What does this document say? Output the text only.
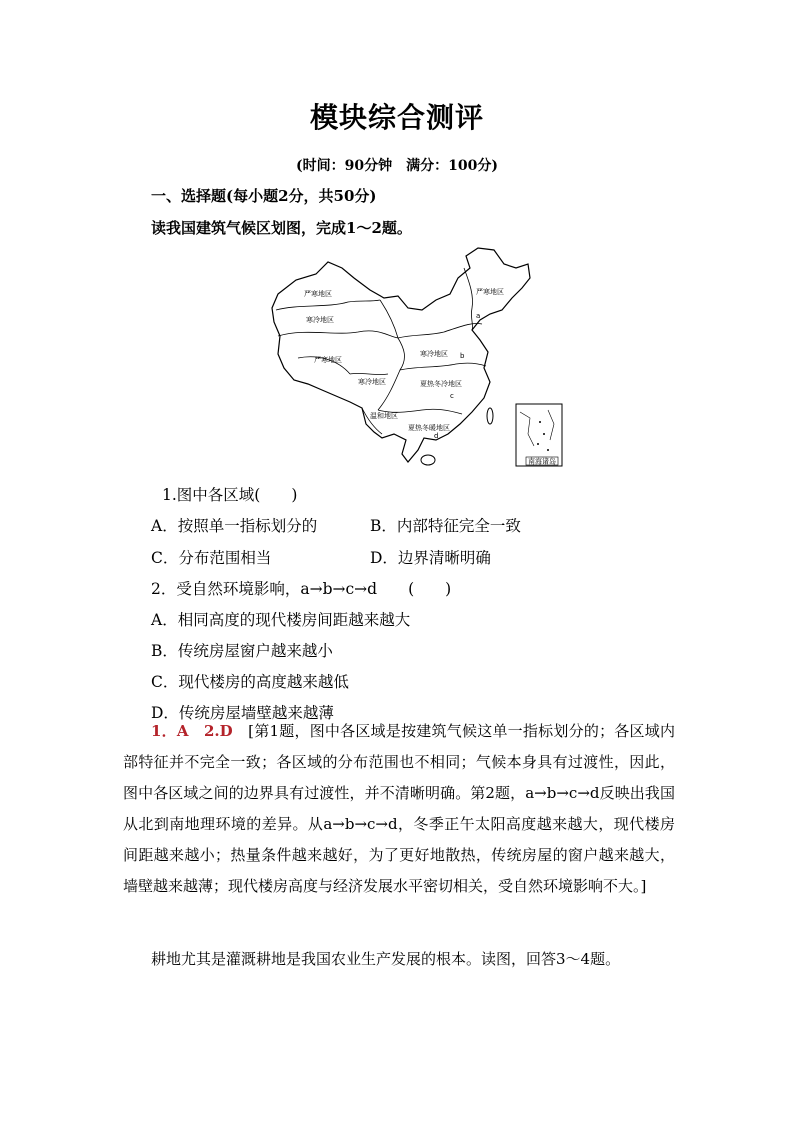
模块综合测评
(时间：90分钟　满分：100分)
一、选择题(每小题2分，共50分)
读我国建筑气候区划图，完成1～2题。
南海诸岛
严寒地区
寒冷地区
严寒地区
严寒地区
寒冷地区
寒冷地区	夏热冬冷地区
温和地区
夏热冬暖地区
a
b
c
d
1.图中各区域(　　)
A．按照单一指标划分的	B．内部特征完全一致
C．分布范围相当	D．边界清晰明确
2．受自然环境影响，a→b→c→d　　(　　)
A．相同高度的现代楼房间距越来越大
B．传统房屋窗户越来越小
C．现代楼房的高度越来越低
D．传统房屋墙壁越来越薄
1．A　2.D　 [第1题，图中各区域是按建筑气候这单一指标划分的；各区域内部特征并不完全一致；各区域的分布范围也不相同；气候本身具有过渡性，因此，图中各区域之间的边界具有过渡性，并不清晰明确。第2题，a→b→c→d反映出我国从北到南地理环境的差异。从a→b→c→d，冬季正午太阳高度越来越大，现代楼房间距越来越小；热量条件越来越好，为了更好地散热，传统房屋的窗户越来越大，墙壁越来越薄；现代楼房高度与经济发展水平密切相关，受自然环境影响不大。]
耕地尤其是灌溉耕地是我国农业生产发展的根本。读图，回答3～4题。
